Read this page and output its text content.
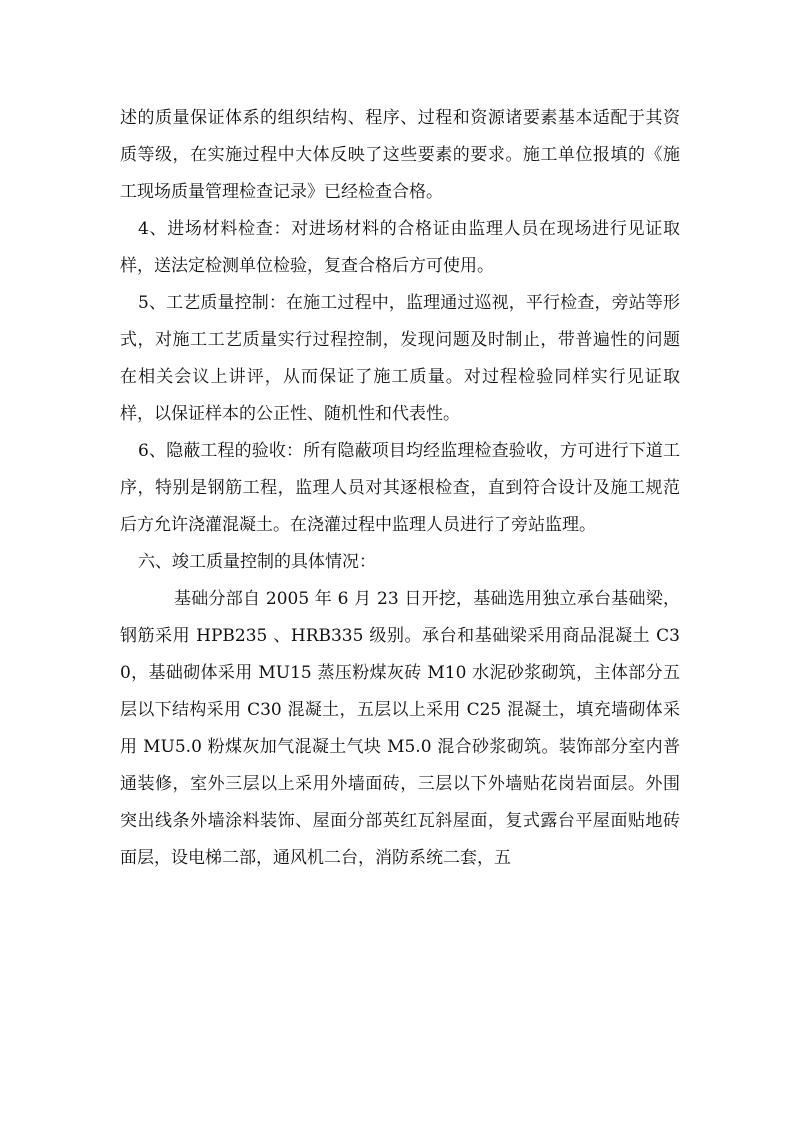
述的质量保证体系的组织结构、程序、过程和资源诸要素基本适配于其资质等级，在实施过程中大体反映了这些要素的要求。施工单位报填的《施工现场质量管理检查记录》已经检查合格。

4、进场材料检查：对进场材料的合格证由监理人员在现场进行见证取样，送法定检测单位检验，复查合格后方可使用。

5、工艺质量控制：在施工过程中，监理通过巡视，平行检查，旁站等形式，对施工工艺质量实行过程控制，发现问题及时制止，带普遍性的问题在相关会议上讲评，从而保证了施工质量。对过程检验同样实行见证取样，以保证样本的公正性、随机性和代表性。

6、隐蔽工程的验收：所有隐蔽项目均经监理检查验收，方可进行下道工序，特别是钢筋工程，监理人员对其逐根检查，直到符合设计及施工规范后方允许浇灌混凝土。在浇灌过程中监理人员进行了旁站监理。

六、竣工质量控制的具体情况：

基础分部自 2005 年 6 月 23 日开挖，基础选用独立承台基础梁，钢筋采用 HPB235 、HRB335 级别。承台和基础梁采用商品混凝土 C30，基础砌体采用 MU15 蒸压粉煤灰砖 M10 水泥砂浆砌筑，主体部分五层以下结构采用 C30 混凝土，五层以上采用 C25 混凝土，填充墙砌体采用 MU5.0 粉煤灰加气混凝土气块 M5.0 混合砂浆砌筑。装饰部分室内普通装修，室外三层以上采用外墙面砖，三层以下外墙贴花岗岩面层。外围突出线条外墙涂料装饰、屋面分部英红瓦斜屋面，复式露台平屋面贴地砖面层，设电梯二部，通风机二台，消防系统二套，五
